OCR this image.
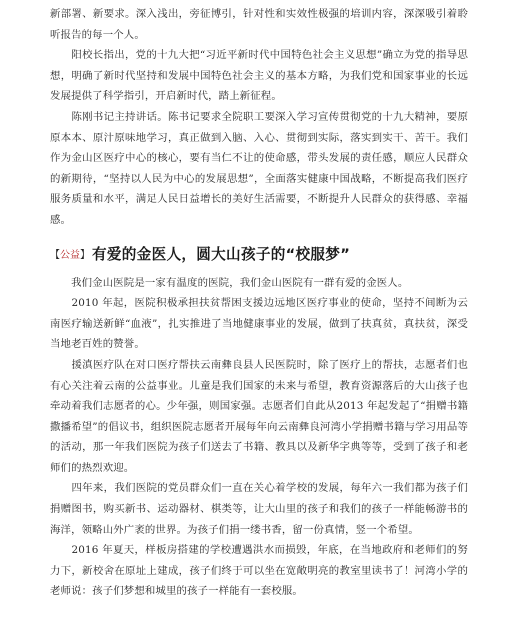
新部署、新要求。深入浅出，旁征博引，针对性和实效性极强的培训内容，深深吸引着聆听报告的每一个人。

　　阳校长指出，党的十九大把“习近平新时代中国特色社会主义思想”确立为党的指导思想，明确了新时代坚持和发展中国特色社会主义的基本方略，为我们党和国家事业的长远发展提供了科学指引，开启新时代，踏上新征程。

　　陈刚书记主持讲话。陈书记要求全院职工要深入学习宣传贯彻党的十九大精神，要原原本本、原汁原味地学习，真正做到入脑、入心、贯彻到实际，落实到实干、苦干。我们作为金山区医疗中心的核心，要有当仁不让的使命感，带头发展的责任感，顺应人民群众的新期待，“坚持以人民为中心的发展思想”，全面落实健康中国战略，不断提高我们医疗服务质量和水平，满足人民日益增长的美好生活需要，不断提升人民群众的获得感、幸福感。

【公益】 有爱的金医人，圆大山孩子的“校服梦”

　　我们金山医院是一家有温度的医院，我们金山医院有一群有爱的金医人。

　　2010 年起，医院积极承担扶贫帮困支援边远地区医疗事业的使命，坚持不间断为云南医疗输送新鲜“血液”，扎实推进了当地健康事业的发展，做到了扶真贫，真扶贫，深受当地老百姓的赞誉。

　　援滇医疗队在对口医疗帮扶云南彝良县人民医院时，除了医疗上的帮扶，志愿者们也有心关注着云南的公益事业。儿童是我们国家的未来与希望，教育资源落后的大山孩子也牵动着我们志愿者的心。少年强，则国家强。志愿者们自此从2013 年起发起了“捐赠书籍 撒播希望”的倡议书，组织医院志愿者开展每年向云南彝良河湾小学捐赠书籍与学习用品等的活动，那一年我们医院为孩子们送去了书籍、教具以及新华字典等等，受到了孩子和老师们的热烈欢迎。

　　四年来，我们医院的党员群众们一直在关心着学校的发展，每年六一我们都为孩子们捐赠图书，购买新书、运动器材、棋类等，让大山里的孩子和我们的孩子一样能畅游书的海洋，领略山外广袤的世界。为孩子们捐一缕书香，留一份真情，竖一个希望。

　　2016 年夏天，样板房搭建的学校遭遇洪水而损毁，年底，在当地政府和老师们的努力下，新校舍在原址上建成，孩子们终于可以坐在宽敞明亮的教室里读书了！河湾小学的老师说：孩子们梦想和城里的孩子一样能有一套校服。
